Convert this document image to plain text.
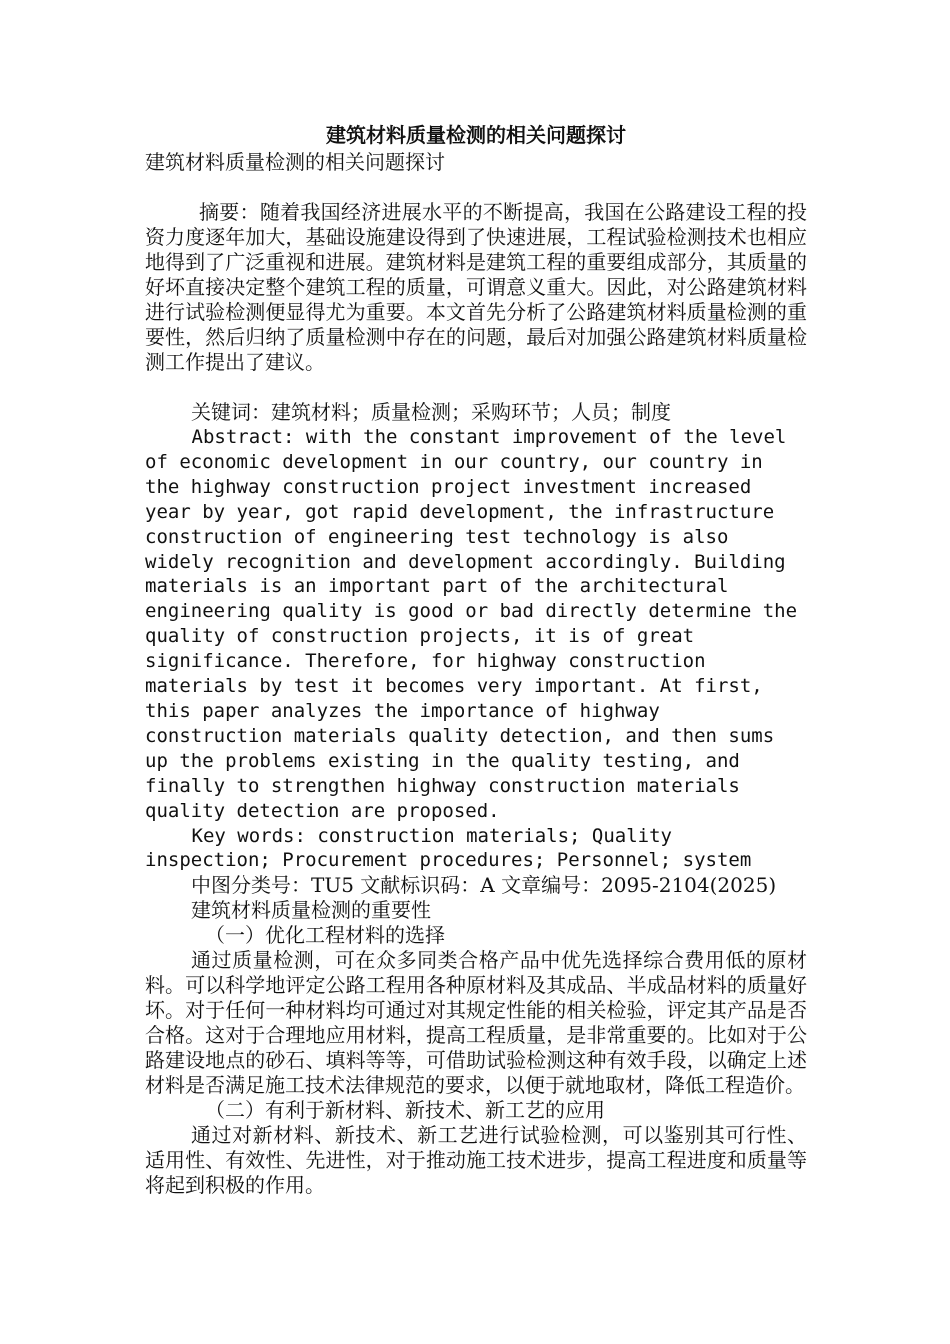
建筑材料质量检测的相关问题探讨

建筑材料质量检测的相关问题探讨

摘要：随着我国经济进展水平的不断提高，我国在公路建设工程的投资力度逐年加大，基础设施建设得到了快速进展，工程试验检测技术也相应地得到了广泛重视和进展。建筑材料是建筑工程的重要组成部分，其质量的好坏直接决定整个建筑工程的质量，可谓意义重大。因此，对公路建筑材料进行试验检测便显得尤为重要。本文首先分析了公路建筑材料质量检测的重要性，然后归纳了质量检测中存在的问题，最后对加强公路建筑材料质量检测工作提出了建议。

关键词：建筑材料；质量检测；采购环节；人员；制度

Abstract: with the constant improvement of the level of economic development in our country, our country in the highway construction project investment increased year by year, got rapid development, the infrastructure construction of engineering test technology is also widely recognition and development accordingly. Building materials is an important part of the architectural engineering quality is good or bad directly determine the quality of construction projects, it is of great significance. Therefore, for highway construction materials by test it becomes very important. At first, this paper analyzes the importance of highway construction materials quality detection, and then sums up the problems existing in the quality testing, and finally to strengthen highway construction materials quality detection are proposed.

Key words: construction materials; Quality inspection; Procurement procedures; Personnel; system

中图分类号：TU5 文献标识码：A 文章编号：2095-2104(2025)

建筑材料质量检测的重要性

（一）优化工程材料的选择

通过质量检测，可在众多同类合格产品中优先选择综合费用低的原材料。可以科学地评定公路工程用各种原材料及其成品、半成品材料的质量好坏。对于任何一种材料均可通过对其规定性能的相关检验，评定其产品是否合格。这对于合理地应用材料，提高工程质量，是非常重要的。比如对于公路建设地点的砂石、填料等等，可借助试验检测这种有效手段，以确定上述材料是否满足施工技术法律规范的要求，以便于就地取材，降低工程造价。

（二）有利于新材料、新技术、新工艺的应用

通过对新材料、新技术、新工艺进行试验检测，可以鉴别其可行性、适用性、有效性、先进性，对于推动施工技术进步，提高工程进度和质量等将起到积极的作用。
